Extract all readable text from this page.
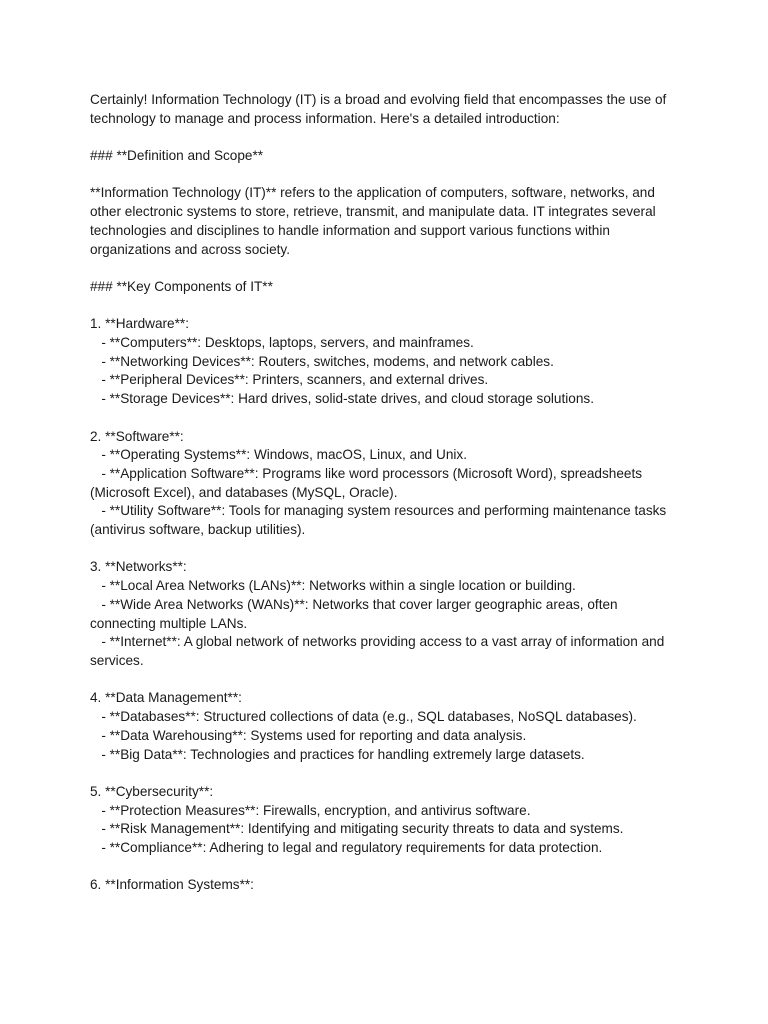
Certainly! Information Technology (IT) is a broad and evolving field that encompasses the use of
technology to manage and process information. Here's a detailed introduction:

### **Definition and Scope**

**Information Technology (IT)** refers to the application of computers, software, networks, and
other electronic systems to store, retrieve, transmit, and manipulate data. IT integrates several
technologies and disciplines to handle information and support various functions within
organizations and across society.

### **Key Components of IT**

1. **Hardware**:
- **Computers**: Desktops, laptops, servers, and mainframes.
- **Networking Devices**: Routers, switches, modems, and network cables.
- **Peripheral Devices**: Printers, scanners, and external drives.
- **Storage Devices**: Hard drives, solid-state drives, and cloud storage solutions.
2. **Software**:
- **Operating Systems**: Windows, macOS, Linux, and Unix.
- **Application Software**: Programs like word processors (Microsoft Word), spreadsheets
(Microsoft Excel), and databases (MySQL, Oracle).
- **Utility Software**: Tools for managing system resources and performing maintenance tasks
(antivirus software, backup utilities).
3. **Networks**:
- **Local Area Networks (LANs)**: Networks within a single location or building.
- **Wide Area Networks (WANs)**: Networks that cover larger geographic areas, often
connecting multiple LANs.
- **Internet**: A global network of networks providing access to a vast array of information and
services.
4. **Data Management**:
- **Databases**: Structured collections of data (e.g., SQL databases, NoSQL databases).
- **Data Warehousing**: Systems used for reporting and data analysis.
- **Big Data**: Technologies and practices for handling extremely large datasets.
5. **Cybersecurity**:
- **Protection Measures**: Firewalls, encryption, and antivirus software.
- **Risk Management**: Identifying and mitigating security threats to data and systems.
- **Compliance**: Adhering to legal and regulatory requirements for data protection.
6. **Information Systems**:
